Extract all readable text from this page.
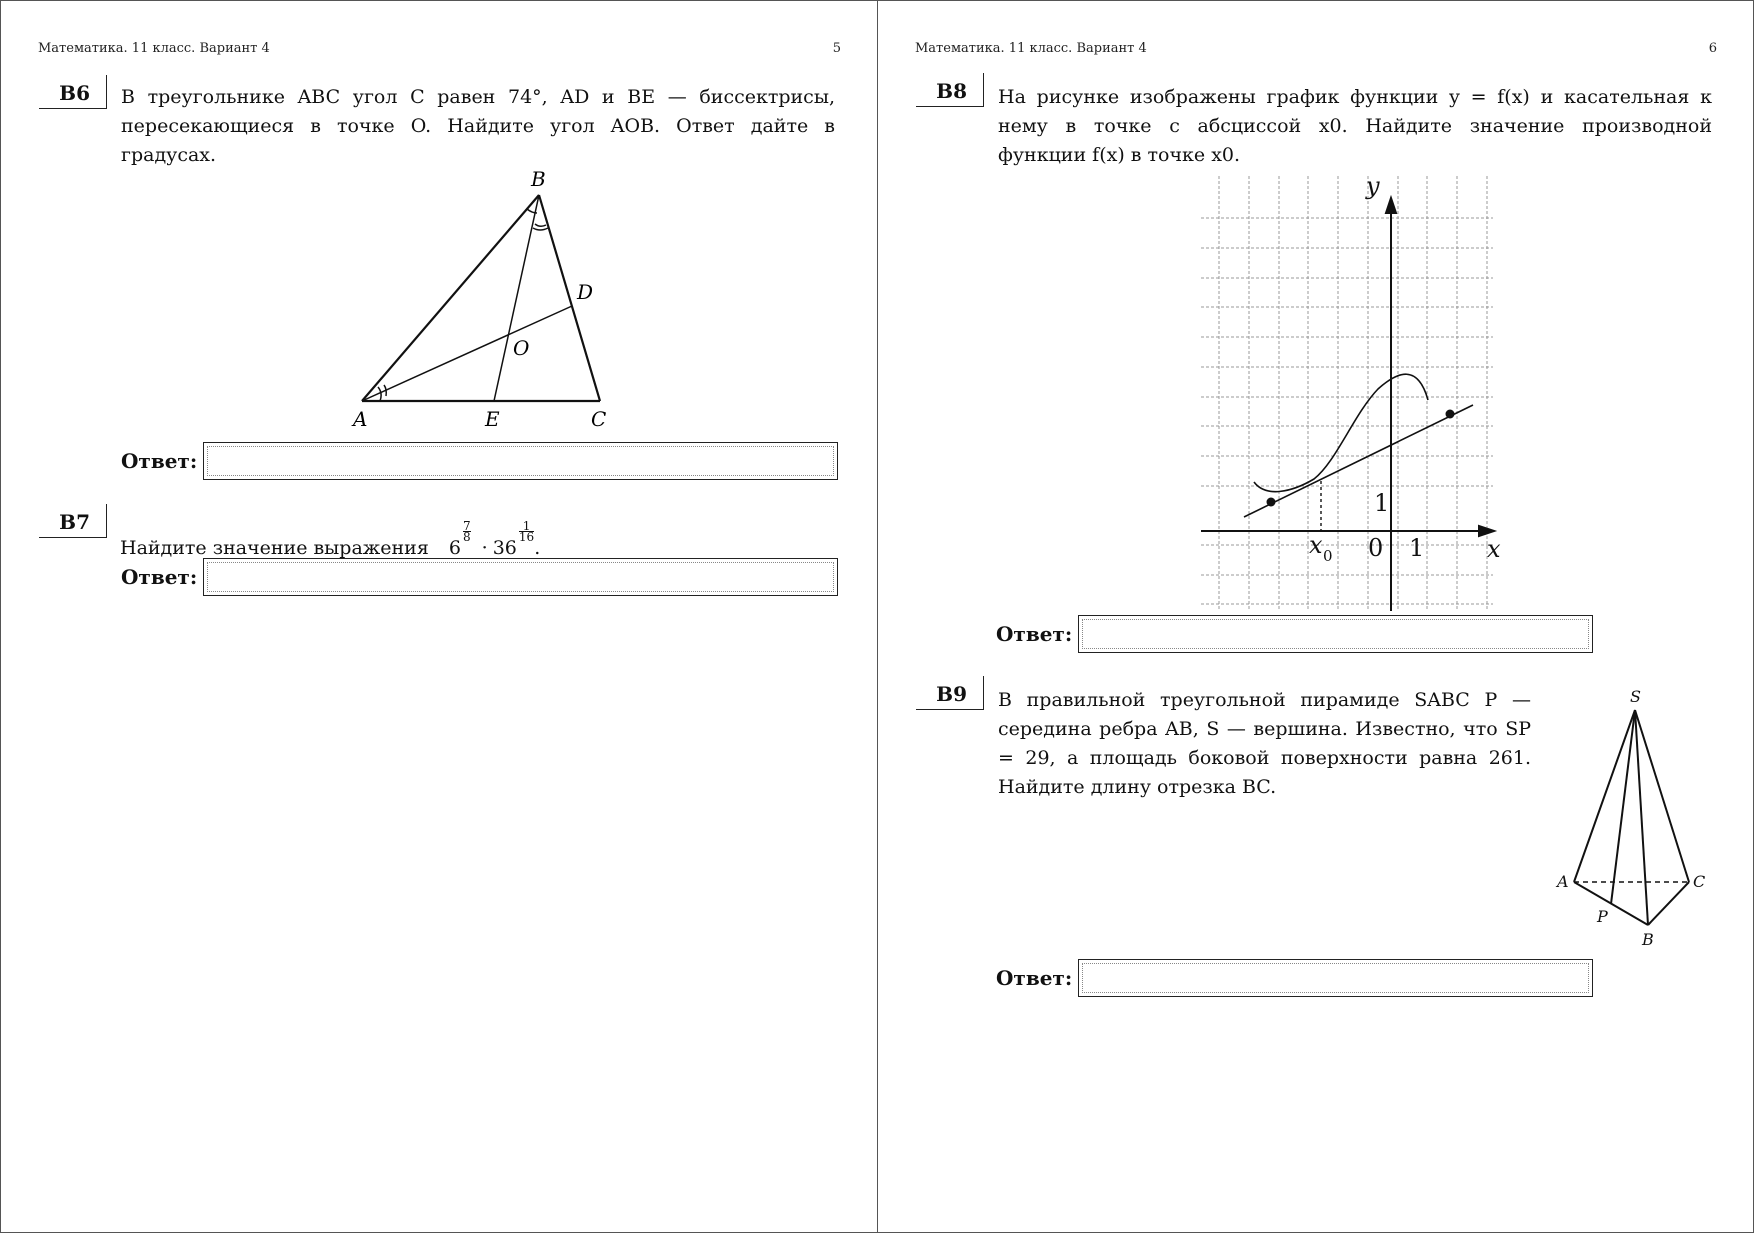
Математика. 11 класс. Вариант 4	5
B6 В треугольнике ABC угол C равен 74°, AD и BE — биссектрисы, пересекающиеся в точке O. Найдите угол AOB. Ответ дайте в градусах.
B
D
O
A	E	C
Ответ:
B7
Найдите значение выражения 6
$\frac{7}{8}$
· 36
$\frac{1}{16}$
.
Ответ:
Математика. 11 класс. Вариант 4	6
B8 На рисунке изображены график функции y = f(x) и касательная к нему в точке с абсциссой x0. Найдите значение производной функции f(x) в точке x0.
y
1
0 1	x
x 0
Ответ:
B9 В правильной треугольной пирамиде SABC P — середина ребра AB, S — вершина. Известно, что SP = 29, а площадь боковой поверхности равна 261. Найдите длину отрезка BC.
S
A	C
P
B
Ответ:
